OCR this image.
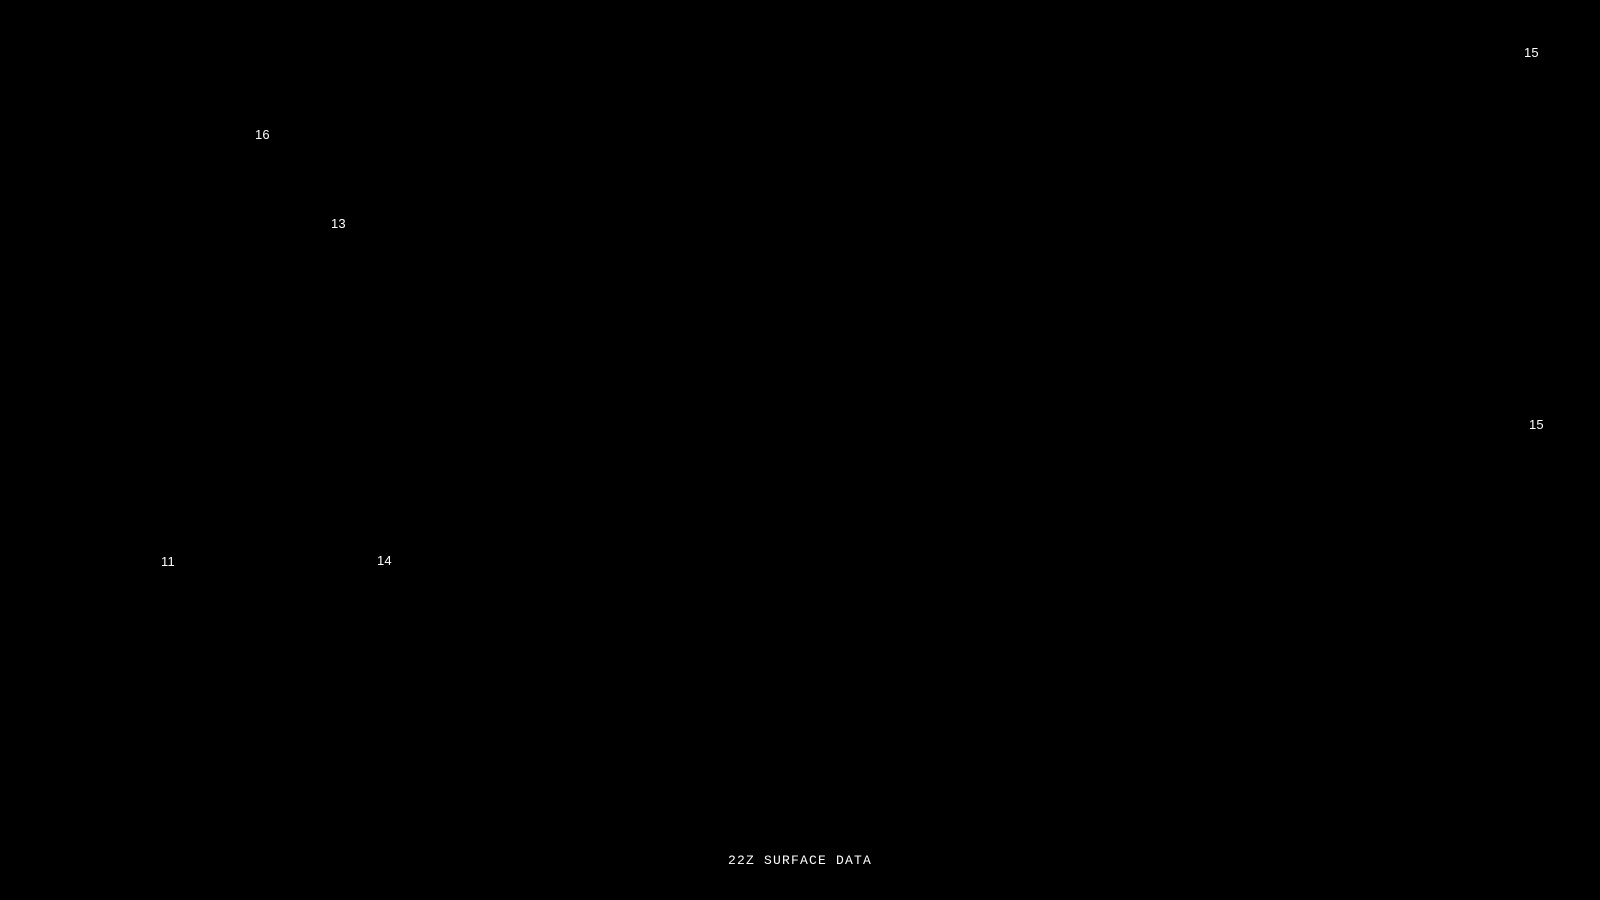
15
16
13
15
11	14
22Z SURFACE DATA
